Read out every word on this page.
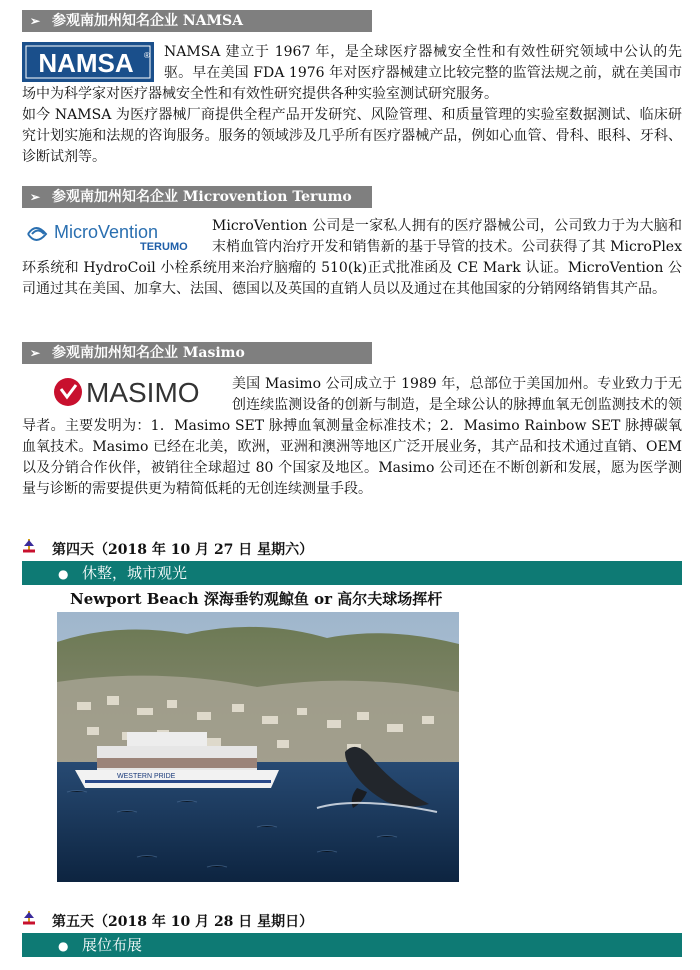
➢ 参观南加州知名企业 NAMSA
NAMSA ® NAMSA 建立于 1967 年，是全球医疗器械安全性和有效性研究领域中公认的先驱。早在美国 FDA 1976 年对医疗器械建立比较完整的监管法规之前，就在美国市场中为科学家对医疗器械安全性和有效性研究提供各种实验室测试研究服务。
如今 NAMSA 为医疗器械厂商提供全程产品开发研究、风险管理、和质量管理的实验室数据测试、临床研究计划实施和法规的咨询服务。服务的领域涉及几乎所有医疗器械产品，例如心血管、骨科、眼科、牙科、诊断试剂等。
➢ 参观南加州知名企业 Microvention Terumo
MicroVention
TERUMO
MicroVention 公司是一家私人拥有的医疗器械公司，公司致力于为大脑和末梢血管内治疗开发和销售新的基于导管的技术。公司获得了其 MicroPlex 环系统和 HydroCoil 小栓系统用来治疗脑瘤的 510(k)正式批准函及 CE Mark 认证。MicroVention 公司通过其在美国、加拿大、法国、德国以及英国的直销人员以及通过在其他国家的分销网络销售其产品。
➢ 参观南加州知名企业 Masimo
MASIMO 美国 Masimo 公司成立于 1989 年，总部位于美国加州。专业致力于无创连续监测设备的创新与制造，是全球公认的脉搏血氧无创监测技术的领导者。主要发明为：1．Masimo SET 脉搏血氧测量金标准技术；2．Masimo Rainbow SET 脉搏碳氧血氧技术。Masimo 已经在北美，欧洲，亚洲和澳洲等地区广泛开展业务，其产品和技术通过直销、OEM 以及分销合作伙伴，被销往全球超过 80 个国家及地区。Masimo 公司还在不断创新和发展，愿为医学测量与诊断的需要提供更为精简低耗的无创连续测量手段。
第四天（2018 年 10 月 27 日 星期六）
● 休整，城市观光
Newport Beach 深海垂钓观鲸鱼 or 高尔夫球场挥杆
WESTERN PRIDE
第五天（2018 年 10 月 28 日 星期日）
● 展位布展
